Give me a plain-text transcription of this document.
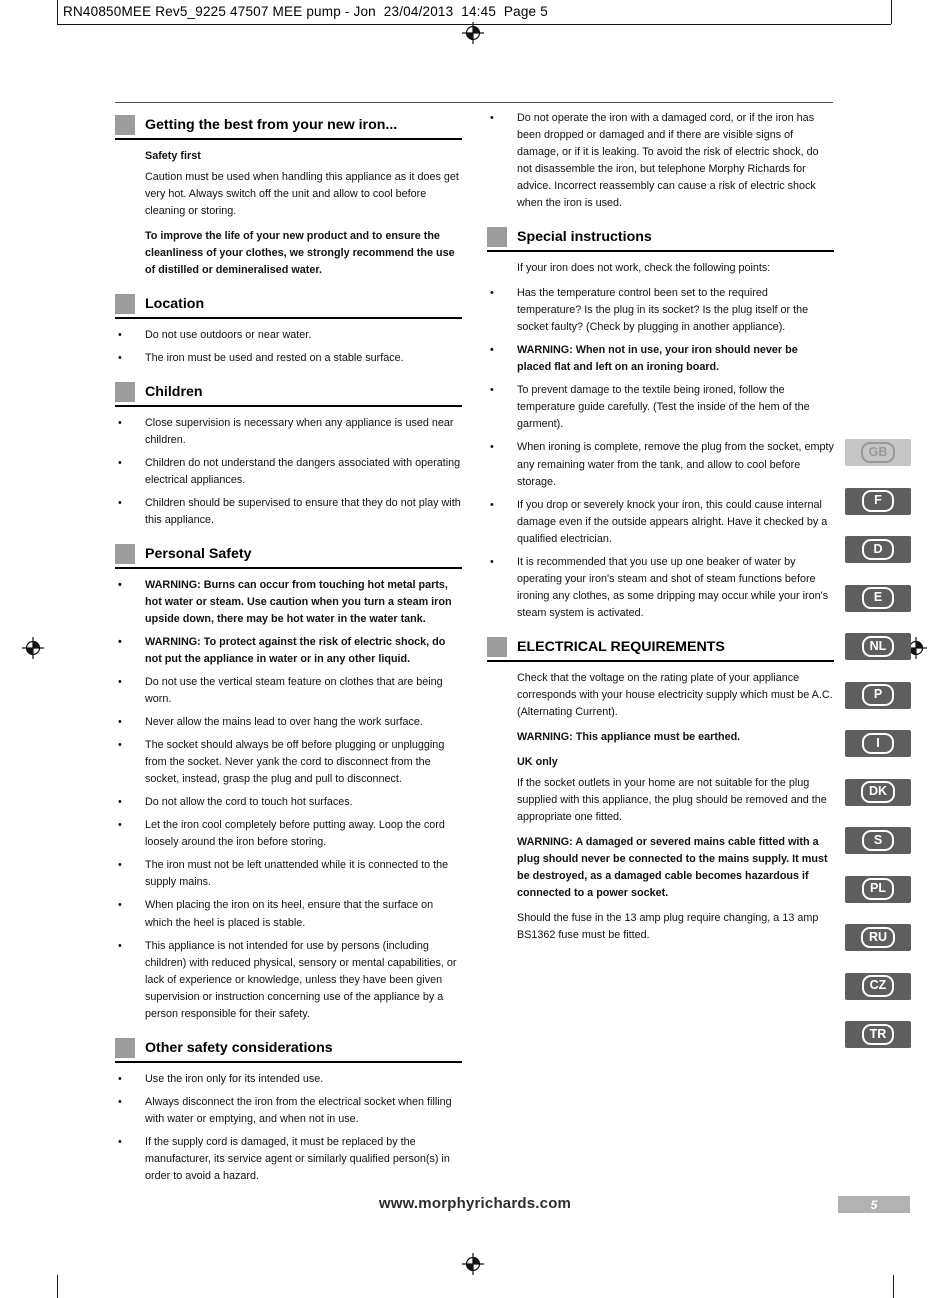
RN40850MEE Rev5_9225 47507 MEE pump - Jon  23/04/2013  14:45  Page 5
Getting the best from your new iron...
Safety first
Caution must be used when handling this appliance as it does get very hot. Always switch off the unit and allow to cool before cleaning or storing.
To improve the life of your new product and to ensure the cleanliness of your clothes, we strongly recommend the use of distilled or demineralised water.
Location
• Do not use outdoors or near water.
• The iron must be used and rested on a stable surface.
Children
• Close supervision is necessary when any appliance is used near children.
• Children do not understand the dangers associated with operating electrical appliances.
• Children should be supervised to ensure that they do not play with this appliance.
Personal Safety
• WARNING: Burns can occur from touching hot metal parts, hot water or steam. Use caution when you turn a steam iron upside down, there may be hot water in the water tank.
• WARNING: To protect against the risk of electric shock, do not put the appliance in water or in any other liquid.
• Do not use the vertical steam feature on clothes that are being worn.
• Never allow the mains lead to over hang the work surface.
• The socket should always be off before plugging or unplugging from the socket. Never yank the cord to disconnect from the socket, instead, grasp the plug and pull to disconnect.
• Do not allow the cord to touch hot surfaces.
• Let the iron cool completely before putting away. Loop the cord loosely around the iron before storing.
• The iron must not be left unattended while it is connected to the supply mains.
• When placing the iron on its heel, ensure that the surface on which the heel is placed is stable.
• This appliance is not intended for use by persons (including children) with reduced physical, sensory or mental capabilities, or lack of experience or knowledge, unless they have been given supervision or instruction concerning use of the appliance by a person responsible for their safety.
Other safety considerations
• Use the iron only for its intended use.
• Always disconnect the iron from the electrical socket when filling with water or emptying, and when not in use.
• If the supply cord is damaged, it must be replaced by the manufacturer, its service agent or similarly qualified person(s) in order to avoid a hazard.
• Do not operate the iron with a damaged cord, or if the iron has been dropped or damaged and if there are visible signs of damage, or if it is leaking. To avoid the risk of electric shock, do not disassemble the iron, but telephone Morphy Richards for advice. Incorrect reassembly can cause a risk of electric shock when the iron is used.
Special instructions
If your iron does not work, check the following points:
• Has the temperature control been set to the required temperature? Is the plug in its socket? Is the plug itself or the socket faulty? (Check by plugging in another appliance).
• WARNING: When not in use, your iron should never be placed flat and left on an ironing board.
• To prevent damage to the textile being ironed, follow the temperature guide carefully. (Test the inside of the hem of the garment).
• When ironing is complete, remove the plug from the socket, empty any remaining water from the tank, and allow to cool before storage.
• If you drop or severely knock your iron, this could cause internal damage even if the outside appears alright. Have it checked by a qualified electrician.
• It is recommended that you use up one beaker of water by operating your iron's steam and shot of steam functions before ironing any clothes, as some dripping may occur while your iron's steam system is activated.
ELECTRICAL REQUIREMENTS
Check that the voltage on the rating plate of your appliance corresponds with your house electricity supply which must be A.C. (Alternating Current).
WARNING: This appliance must be earthed.
UK only
If the socket outlets in your home are not suitable for the plug supplied with this appliance, the plug should be removed and the appropriate one fitted.
WARNING: A damaged or severed mains cable fitted with a plug should never be connected to the mains supply. It must be destroyed, as a damaged cable becomes hazardous if connected to a power socket.
Should the fuse in the 13 amp plug require changing, a 13 amp BS1362 fuse must be fitted.
GB
F
D
E
NL
P
I
DK
S
PL
RU
CZ
TR
www.morphyrichards.com	5
